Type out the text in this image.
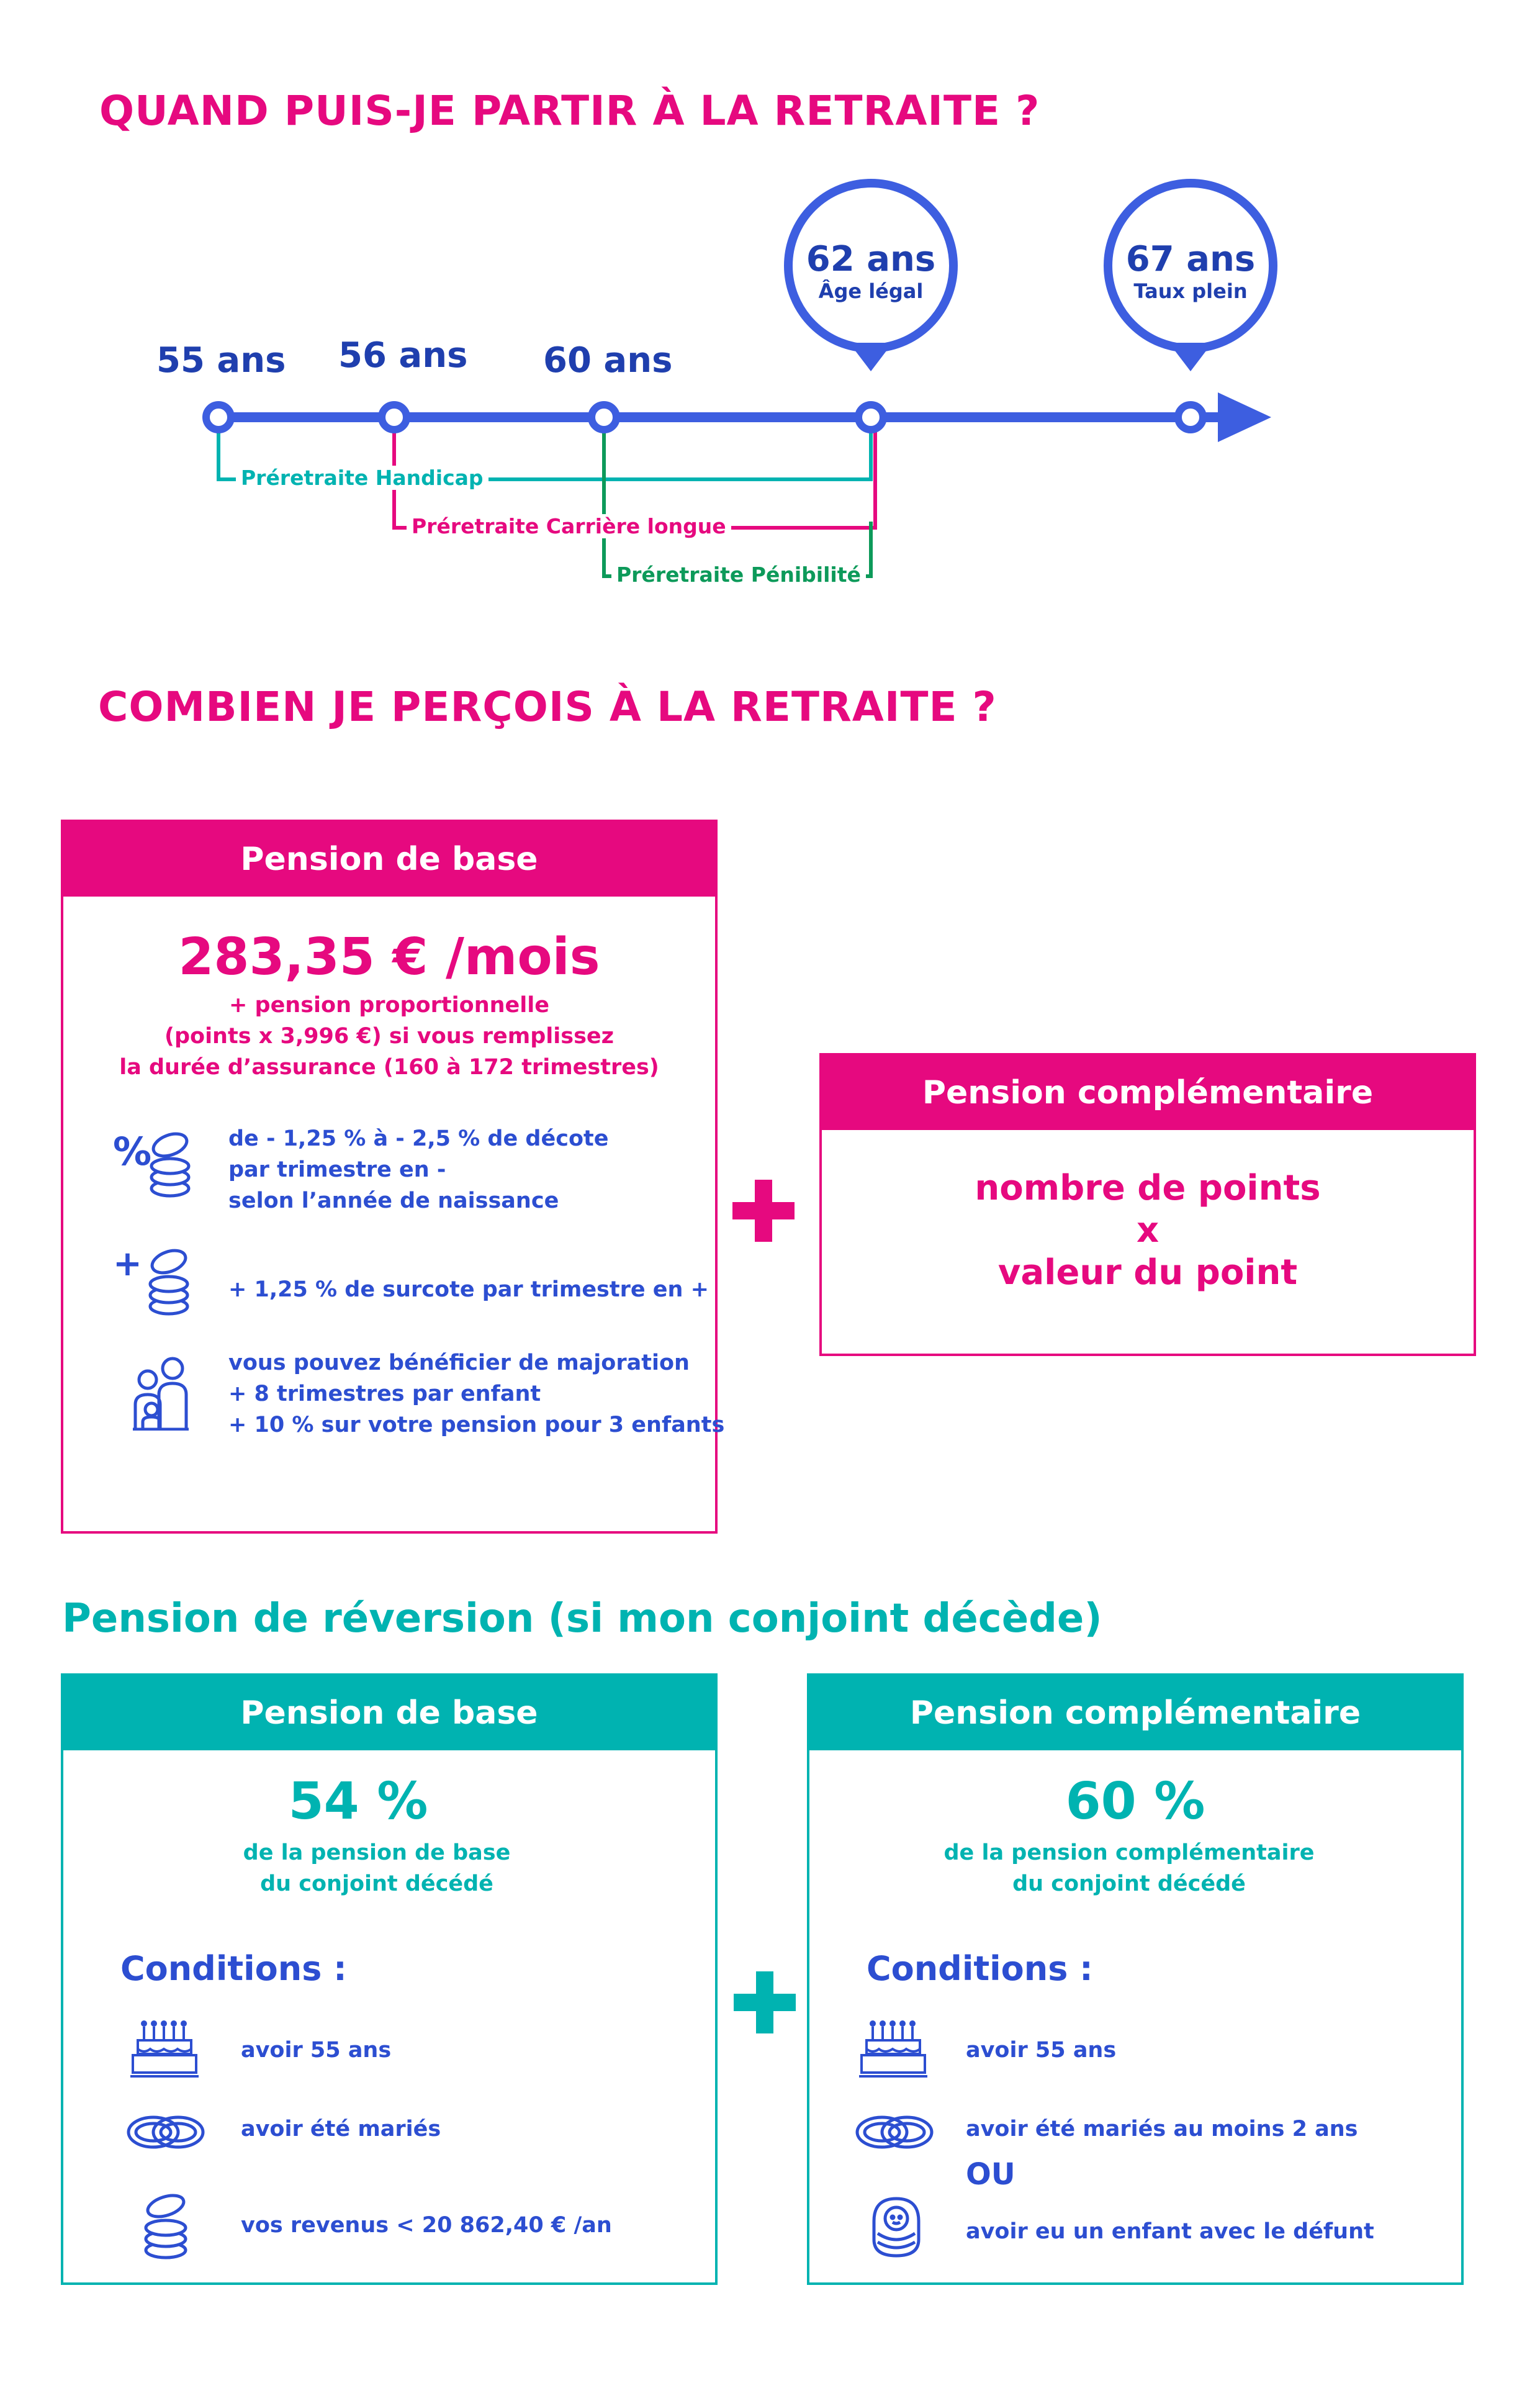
QUAND PUIS-JE PARTIR À LA RETRAITE ?
55 ans 56 ans 60 ans
62 ans
Âge légal
67 ans
Taux plein
Préretraite Handicap
Préretraite Carrière longue
Préretraite Pénibilité
COMBIEN JE PERÇOIS À LA RETRAITE ?
Pension de base
283,35 € /mois
+ pension proportionnelle
(points x 3,996 €) si vous remplissez
la durée d’assurance (160 à 172 trimestres)
%	de - 1,25 % à - 2,5 % de décote
par trimestre en -
selon l’année de naissance
+
+ 1,25 % de surcote par trimestre en +
vous pouvez bénéficier de majoration
+ 8 trimestres par enfant
+ 10 % sur votre pension pour 3 enfants
Pension complémentaire
nombre de points
x
valeur du point
Pension de réversion (si mon conjoint décède)
Pension de base
54 %
de la pension de base
du conjoint décédé
Conditions :
avoir 55 ans
avoir été mariés
vos revenus < 20 862,40 € /an
Pension complémentaire
60 %
de la pension complémentaire
du conjoint décédé
Conditions :
avoir 55 ans
avoir été mariés au moins 2 ans
OU
avoir eu un enfant avec le défunt
